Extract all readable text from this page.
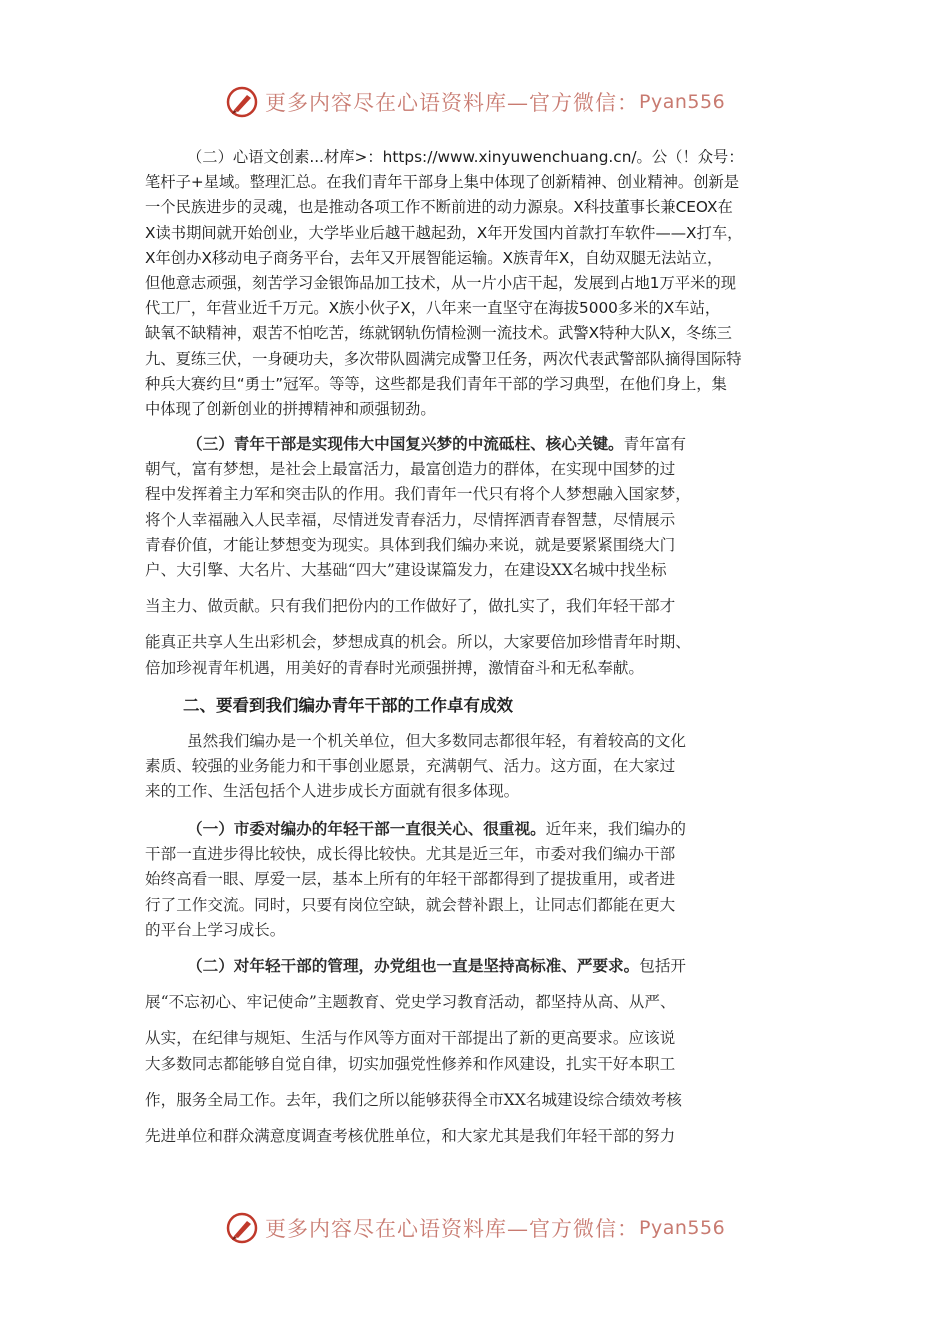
更多内容尽在心语资料库—官方微信： Pyan556
（二）心语文创素...材库>：https://www.xinyuwenchuang.cn/。公（！众号：
笔杆子+星域。整理汇总。在我们青年干部身上集中体现了创新精神、创业精神。创新是
一个民族进步的灵魂，也是推动各项工作不断前进的动力源泉。X科技董事长兼CEOX在
X读书期间就开始创业，大学毕业后越干越起劲，X年开发国内首款打车软件——X打车，
X年创办X移动电子商务平台，去年又开展智能运输。X族青年X，自幼双腿无法站立，
但他意志顽强，刻苦学习金银饰品加工技术，从一片小店干起，发展到占地1万平米的现
代工厂，年营业近千万元。X族小伙子X，八年来一直坚守在海拔5000多米的X车站，
缺氧不缺精神，艰苦不怕吃苦，练就钢轨伤情检测一流技术。武警X特种大队X，冬练三
九、夏练三伏，一身硬功夫，多次带队圆满完成警卫任务，两次代表武警部队摘得国际特
种兵大赛约旦“勇士”冠军。等等，这些都是我们青年干部的学习典型，在他们身上，集
中体现了创新创业的拼搏精神和顽强韧劲。
（三）青年干部是实现伟大中国复兴梦的中流砥柱、核心关键。青年富有
朝气，富有梦想，是社会上最富活力，最富创造力的群体，在实现中国梦的过
程中发挥着主力军和突击队的作用。我们青年一代只有将个人梦想融入国家梦，
将个人幸福融入人民幸福，尽情迸发青春活力，尽情挥洒青春智慧，尽情展示
青春价值，才能让梦想变为现实。具体到我们编办来说，就是要紧紧围绕大门
户、大引擎、大名片、大基础“四大”建设谋篇发力，在建设XX名城中找坐标
当主力、做贡献。只有我们把份内的工作做好了，做扎实了，我们年轻干部才
能真正共享人生出彩机会，梦想成真的机会。所以，大家要倍加珍惜青年时期、
倍加珍视青年机遇，用美好的青春时光顽强拼搏，激情奋斗和无私奉献。
二、要看到我们编办青年干部的工作卓有成效
虽然我们编办是一个机关单位，但大多数同志都很年轻，有着较高的文化
素质、较强的业务能力和干事创业愿景，充满朝气、活力。这方面，在大家过
来的工作、生活包括个人进步成长方面就有很多体现。
（一）市委对编办的年轻干部一直很关心、很重视。近年来，我们编办的
干部一直进步得比较快，成长得比较快。尤其是近三年，市委对我们编办干部
始终高看一眼、厚爱一层，基本上所有的年轻干部都得到了提拔重用，或者进
行了工作交流。同时，只要有岗位空缺，就会替补跟上，让同志们都能在更大
的平台上学习成长。
（二）对年轻干部的管理，办党组也一直是坚持高标准、严要求。包括开
展“不忘初心、牢记使命”主题教育、党史学习教育活动，都坚持从高、从严、
从实，在纪律与规矩、生活与作风等方面对干部提出了新的更高要求。应该说
大多数同志都能够自觉自律，切实加强党性修养和作风建设，扎实干好本职工
作，服务全局工作。去年，我们之所以能够获得全市XX名城建设综合绩效考核
先进单位和群众满意度调查考核优胜单位，和大家尤其是我们年轻干部的努力
更多内容尽在心语资料库—官方微信： Pyan556
